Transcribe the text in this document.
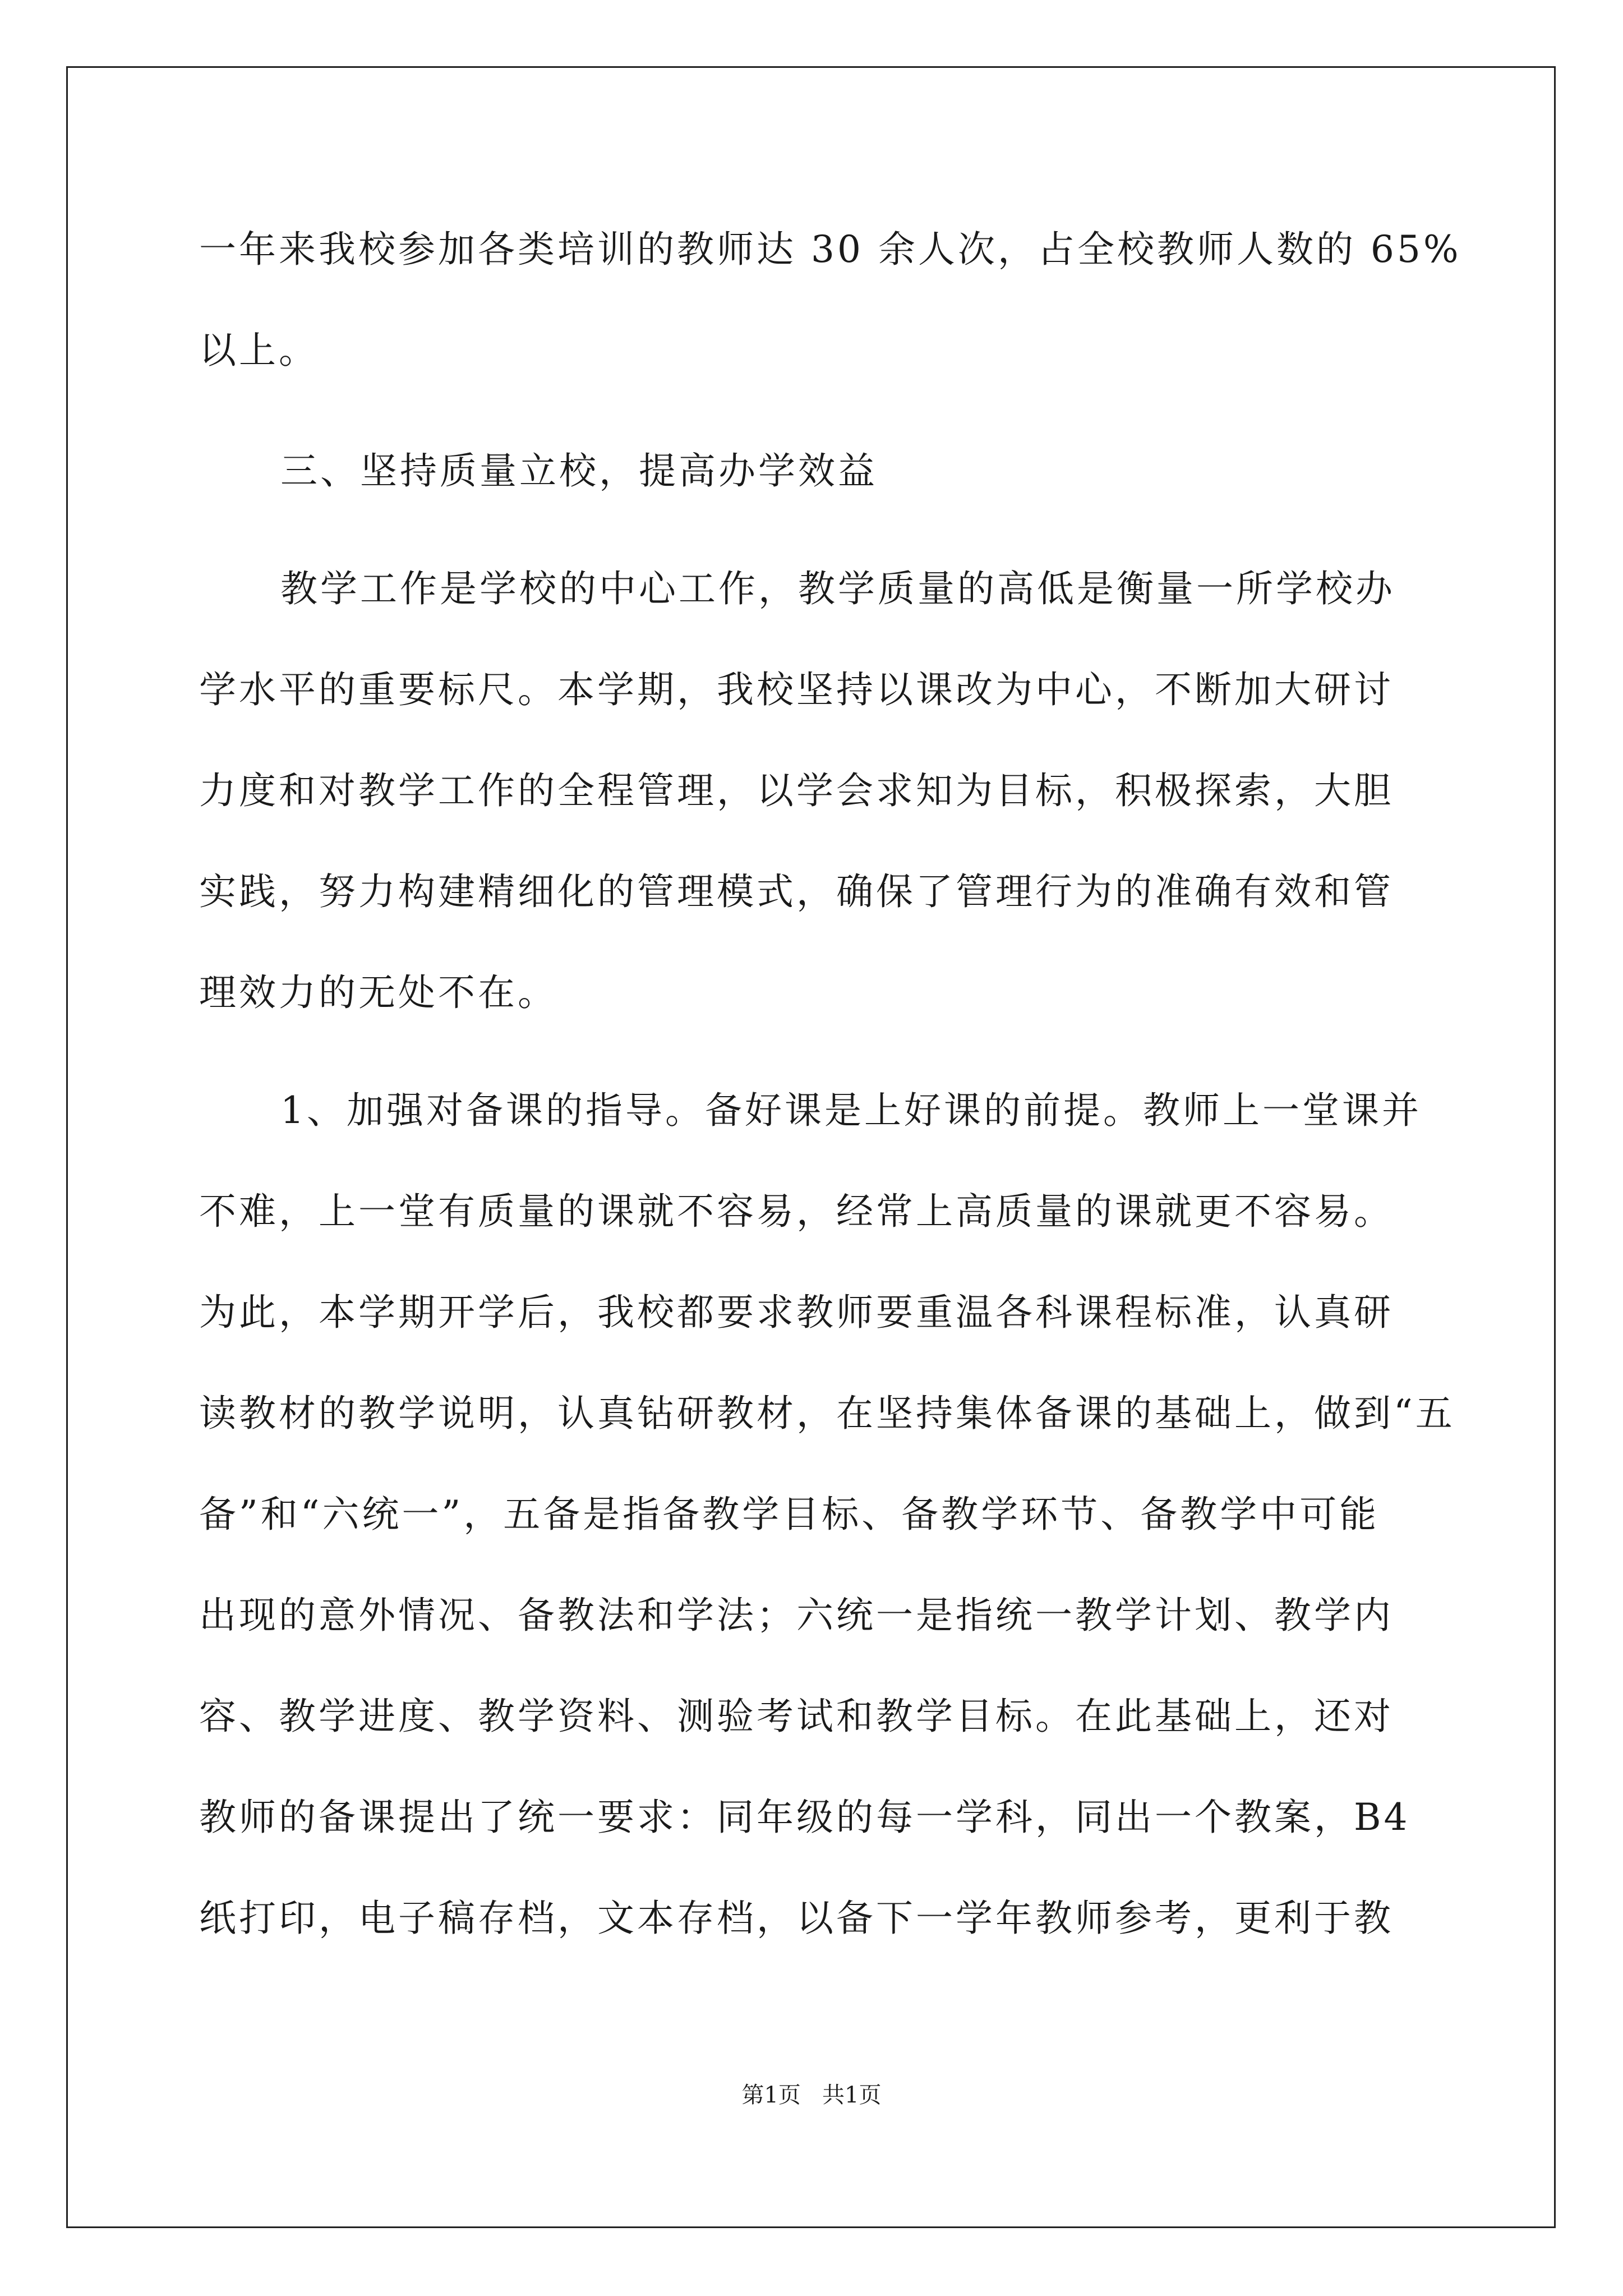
一年来我校参加各类培训的教师达 30 余人次，占全校教师人数的 65%
以上。
三、坚持质量立校，提高办学效益
教学工作是学校的中心工作，教学质量的高低是衡量一所学校办
学水平的重要标尺。本学期，我校坚持以课改为中心，不断加大研讨
力度和对教学工作的全程管理，以学会求知为目标，积极探索，大胆
实践，努力构建精细化的管理模式，确保了管理行为的准确有效和管
理效力的无处不在。
1、加强对备课的指导。备好课是上好课的前提。教师上一堂课并
不难，上一堂有质量的课就不容易，经常上高质量的课就更不容易。
为此，本学期开学后，我校都要求教师要重温各科课程标准，认真研
读教材的教学说明，认真钻研教材，在坚持集体备课的基础上，做到“五
备”和“六统一”，五备是指备教学目标、备教学环节、备教学中可能
出现的意外情况、备教法和学法；六统一是指统一教学计划、教学内
容、教学进度、教学资料、测验考试和教学目标。在此基础上，还对
教师的备课提出了统一要求：同年级的每一学科，同出一个教案，B4
纸打印，电子稿存档，文本存档，以备下一学年教师参考，更利于教
第1页   共1页
